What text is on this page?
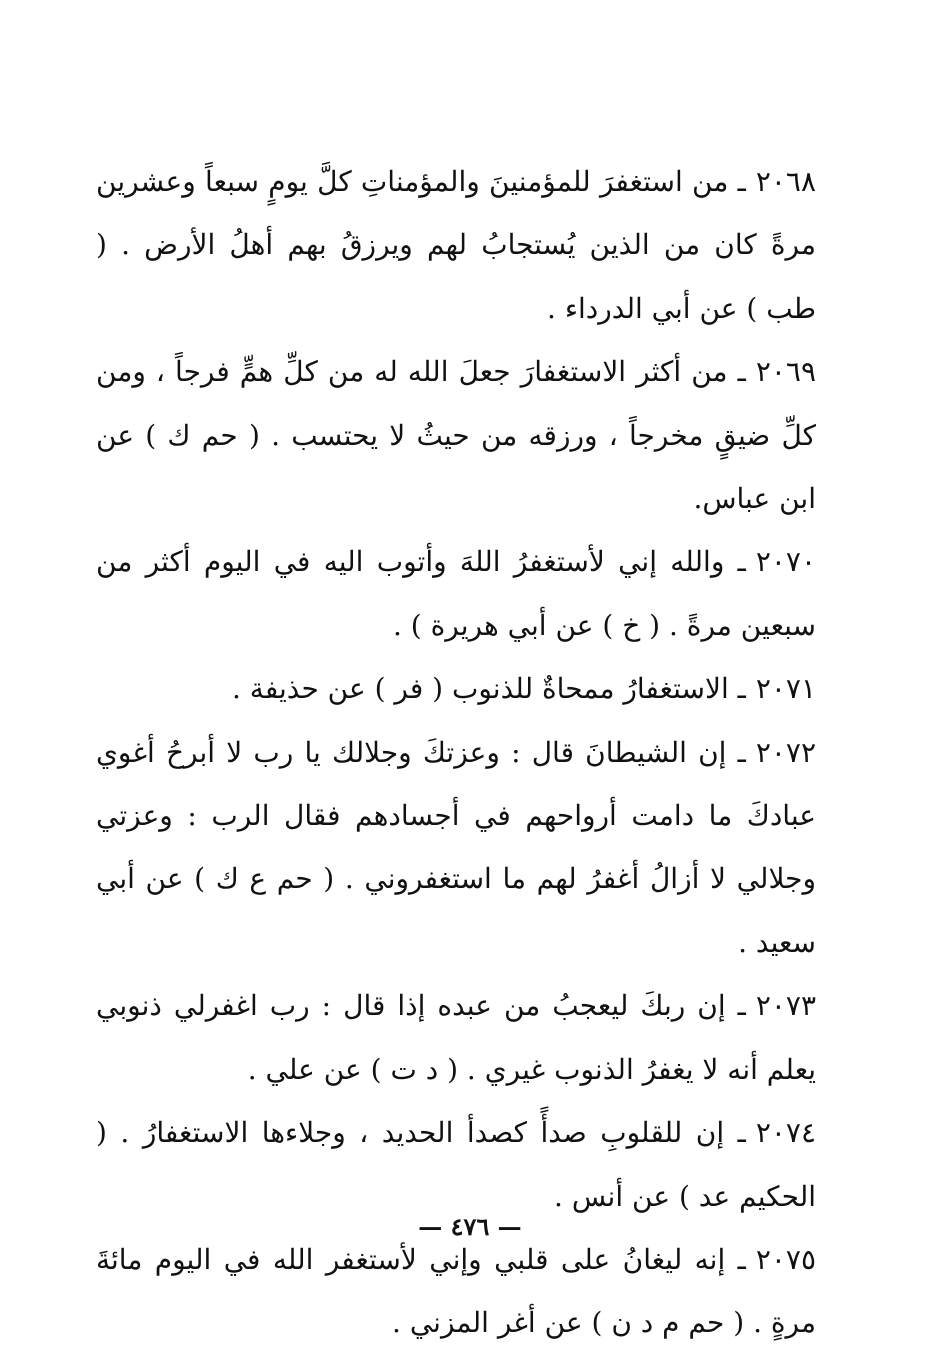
٢٠٦٨ـ من استغفرَ للمؤمنينَ والمؤمناتِ كلَّ يومٍ سبعاً وعشرين مرةً كان من الذين يُستجابُ لهم ويرزقُ بهم أهلُ الأرض . ( طب ) عن أبي الدرداء .

٢٠٦٩ـ من أكثر الاستغفارَ جعلَ الله له من كلِّ همٍّ فرجاً ، ومن كلِّ ضيقٍ مخرجاً ، ورزقه من حيثُ لا يحتسب . ( حم ك ) عن ابن عباس.

٢٠٧٠ـ والله إني لأستغفرُ اللهَ وأتوب اليه في اليوم أكثر من سبعين مرةً . ( خ ) عن أبي هريرة ) .

٢٠٧١ـ الاستغفارُ ممحاةٌ للذنوب ( فر ) عن حذيفة .

٢٠٧٢ـ إن الشيطانَ قال : وعزتكَ وجلالك يا رب لا أبرحُ أغوي عبادكَ ما دامت أرواحهم في أجسادهم فقال الرب : وعزتي وجلالي لا أزالُ أغفرُ لهم ما استغفروني . ( حم ع ك ) عن أبي سعيد .

٢٠٧٣ـ إن ربكَ ليعجبُ من عبده إذا قال : رب اغفرلي ذنوبي يعلم أنه لا يغفرُ الذنوب غيري . ( د ت ) عن علي .

٢٠٧٤ـ إن للقلوبِ صدأً كصدأ الحديد ، وجلاءها الاستغفارُ . ( الحكيم عد ) عن أنس .

٢٠٧٥ـ إنه ليغانُ على قلبي وإني لأستغفر الله في اليوم مائةَ مرةٍ . ( حم م د ن ) عن أغر المزني .

— ٤٧٦ —
